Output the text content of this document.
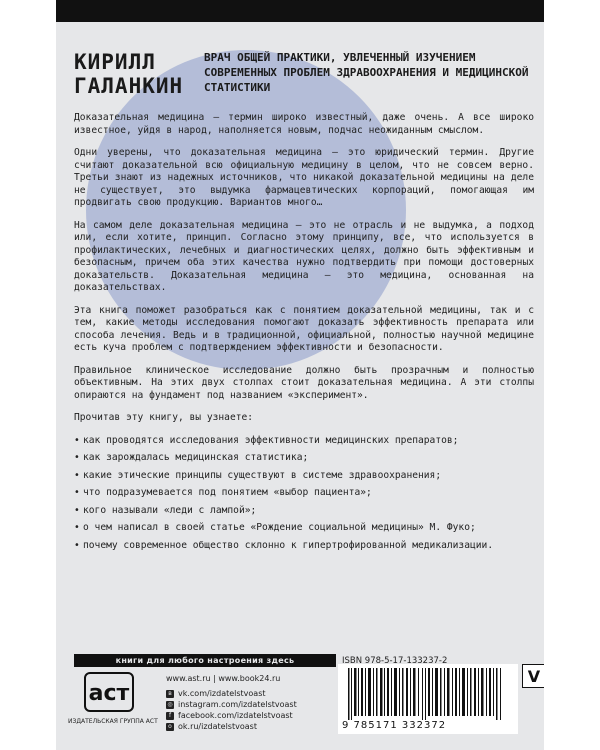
КИРИЛЛ
ГАЛАНКИН
ВРАЧ ОБЩЕЙ ПРАКТИКИ, УВЛЕЧЕННЫЙ ИЗУЧЕНИЕМ СОВРЕМЕННЫХ ПРОБЛЕМ ЗДРАВООХРАНЕНИЯ И МЕДИЦИНСКОЙ СТАТИСТИКИ

Доказательная медицина — термин широко известный, даже очень. А все широко известное, уйдя в народ, наполняется новым, подчас неожиданным смыслом.

Одни уверены, что доказательная медицина — это юридический термин. Другие считают доказательной всю официальную медицину в целом, что не совсем верно. Третьи знают из надежных источников, что никакой доказательной медицины на деле не существует, это выдумка фармацевтических корпораций, помогающая им продвигать свою продукцию. Вариантов много…

На самом деле доказательная медицина — это не отрасль и не выдумка, а подход или, если хотите, принцип. Согласно этому принципу, все, что используется в профилактических, лечебных и диагностических целях, должно быть эффективным и безопасным, причем оба этих качества нужно подтвердить при помощи достоверных доказательств. Доказательная медицина — это медицина, основанная на доказательствах.

Эта книга поможет разобраться как с понятием доказательной медицины, так и с тем, какие методы исследования помогают доказать эффективность препарата или способа лечения. Ведь и в традиционной, официальной, полностью научной медицине есть куча проблем с подтверждением эффективности и безопасности.

Правильное клиническое исследование должно быть прозрачным и полностью объективным. На этих двух столпах стоит доказательная медицина. А эти столпы опираются на фундамент под названием «эксперимент».

Прочитав эту книгу, вы узнаете:

• как проводятся исследования эффективности медицинских препаратов;
• как зарождалась медицинская статистика;
• какие этические принципы существуют в системе здравоохранения;
• что подразумевается под понятием «выбор пациента»;
• кого называли «леди с лампой»;
• о чем написал в своей статье «Рождение социальной медицины» М. Фуко;
• почему современное общество склонно к гипертрофированной медикализации.
книги для любого настроения здесь
аст
ИЗДАТЕЛЬСКАЯ ГРУППА АСТ
www.ast.ru | www.book24.ru
в vk.com/izdatelstvoast
◎ instagram.com/izdatelstvoast
f facebook.com/izdatelstvoast
о ok.ru/izdatelstvoast
ISBN 978-5-17-133237-2
9 785171 332372
V
